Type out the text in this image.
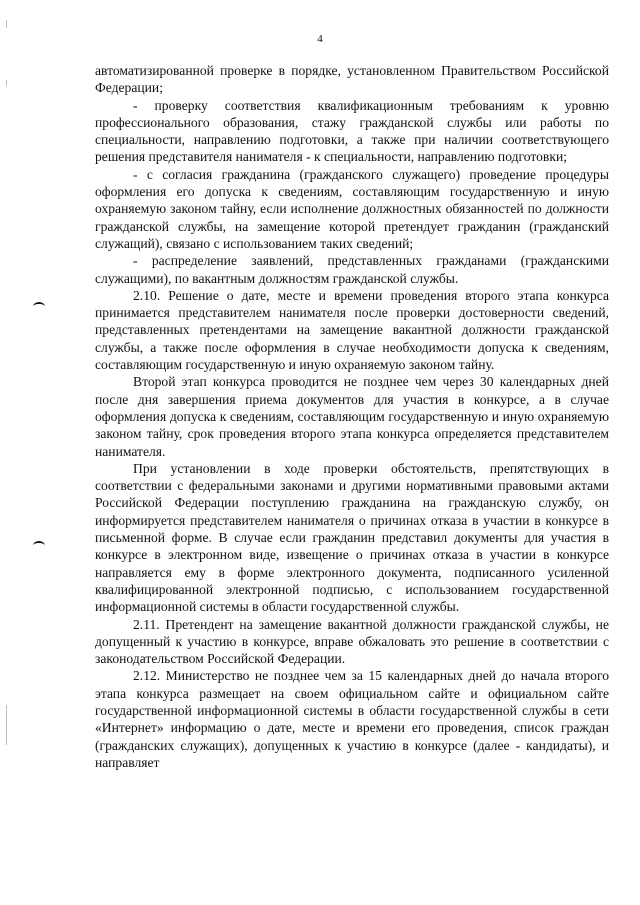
4

автоматизированной проверке в порядке, установленном Правительством Российской Федерации;

- проверку соответствия квалификационным требованиям к уровню профессионального образования, стажу гражданской службы или работы по специальности, направлению подготовки, а также при наличии соответствующего решения представителя нанимателя - к специальности, направлению подготовки;

- с согласия гражданина (гражданского служащего) проведение процедуры оформления его допуска к сведениям, составляющим государственную и иную охраняемую законом тайну, если исполнение должностных обязанностей по должности гражданской службы, на замещение которой претендует гражданин (гражданский служащий), связано с использованием таких сведений;

- распределение заявлений, представленных гражданами (гражданскими служащими), по вакантным должностям гражданской службы.

2.10. Решение о дате, месте и времени проведения второго этапа конкурса принимается представителем нанимателя после проверки достоверности сведений, представленных претендентами на замещение вакантной должности гражданской службы, а также после оформления в случае необходимости допуска к сведениям, составляющим государственную и иную охраняемую законом тайну.

Второй этап конкурса проводится не позднее чем через 30 календарных дней после дня завершения приема документов для участия в конкурсе, а в случае оформления допуска к сведениям, составляющим государственную и иную охраняемую законом тайну, срок проведения второго этапа конкурса определяется представителем нанимателя.

При установлении в ходе проверки обстоятельств, препятствующих в соответствии с федеральными законами и другими нормативными правовыми актами Российской Федерации поступлению гражданина на гражданскую службу, он информируется представителем нанимателя о причинах отказа в участии в конкурсе в письменной форме. В случае если гражданин представил документы для участия в конкурсе в электронном виде, извещение о причинах отказа в участии в конкурсе направляется ему в форме электронного документа, подписанного усиленной квалифицированной электронной подписью, с использованием государственной информационной системы в области государственной службы.

2.11. Претендент на замещение вакантной должности гражданской службы, не допущенный к участию в конкурсе, вправе обжаловать это решение в соответствии с законодательством Российской Федерации.

2.12. Министерство не позднее чем за 15 календарных дней до начала второго этапа конкурса размещает на своем официальном сайте и официальном сайте государственной информационной системы в области государственной службы в сети «Интернет» информацию о дате, месте и времени его проведения, список граждан (гражданских служащих), допущенных к участию в конкурсе (далее - кандидаты), и направляет
